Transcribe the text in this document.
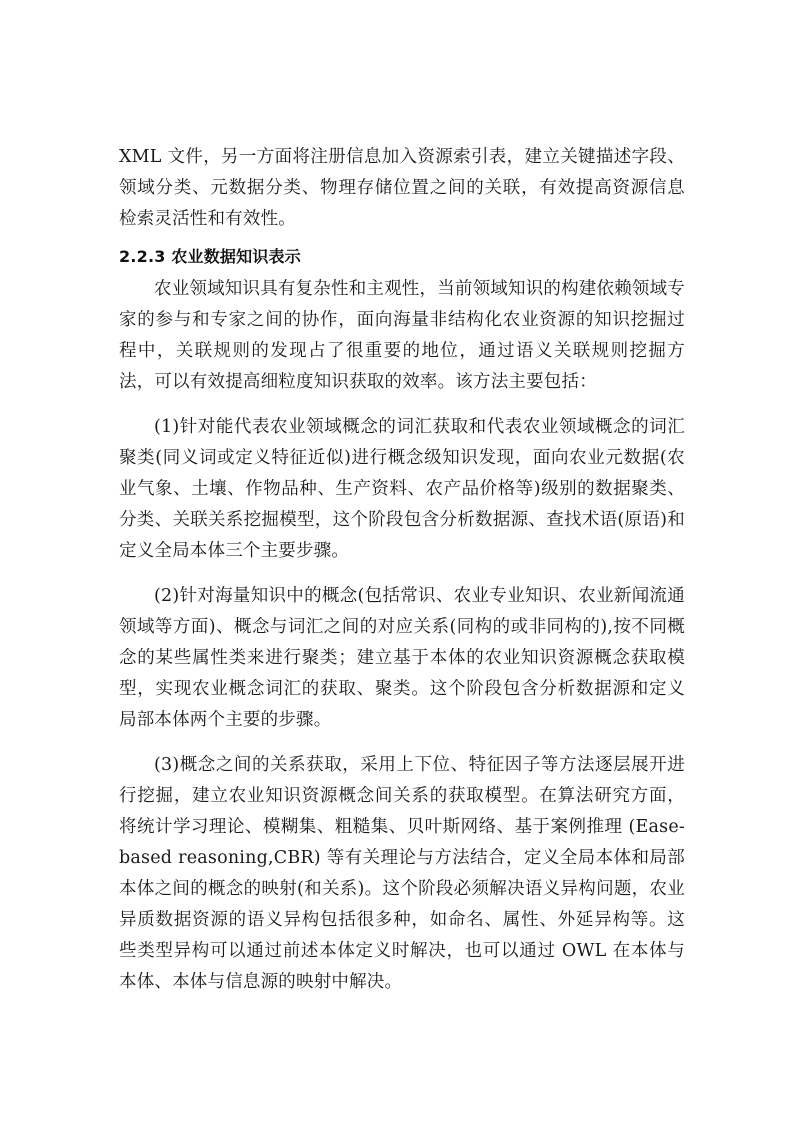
XML 文件，另一方面将注册信息加入资源索引表，建立关键描述字段、领域分类、元数据分类、物理存储位置之间的关联，有效提高资源信息检索灵活性和有效性。

2.2.3 农业数据知识表示

农业领域知识具有复杂性和主观性，当前领域知识的构建依赖领域专家的参与和专家之间的协作，面向海量非结构化农业资源的知识挖掘过程中，关联规则的发现占了很重要的地位，通过语义关联规则挖掘方法，可以有效提高细粒度知识获取的效率。该方法主要包括：

(1)针对能代表农业领域概念的词汇获取和代表农业领域概念的词汇聚类(同义词或定义特征近似)进行概念级知识发现，面向农业元数据(农业气象、土壤、作物品种、生产资料、农产品价格等)级别的数据聚类、分类、关联关系挖掘模型，这个阶段包含分析数据源、查找术语(原语)和定义全局本体三个主要步骤。

(2)针对海量知识中的概念(包括常识、农业专业知识、农业新闻流通领域等方面)、概念与词汇之间的对应关系(同构的或非同构的),按不同概念的某些属性类来进行聚类；建立基于本体的农业知识资源概念获取模型，实现农业概念词汇的获取、聚类。这个阶段包含分析数据源和定义局部本体两个主要的步骤。

(3)概念之间的关系获取，采用上下位、特征因子等方法逐层展开进行挖掘，建立农业知识资源概念间关系的获取模型。在算法研究方面，将统计学习理论、模糊集、粗糙集、贝叶斯网络、基于案例推理 (Ease-based reasoning,CBR) 等有关理论与方法结合，定义全局本体和局部本体之间的概念的映射(和关系)。这个阶段必须解决语义异构问题，农业异质数据资源的语义异构包括很多种，如命名、属性、外延异构等。这些类型异构可以通过前述本体定义时解决，也可以通过 OWL 在本体与本体、本体与信息源的映射中解决。
